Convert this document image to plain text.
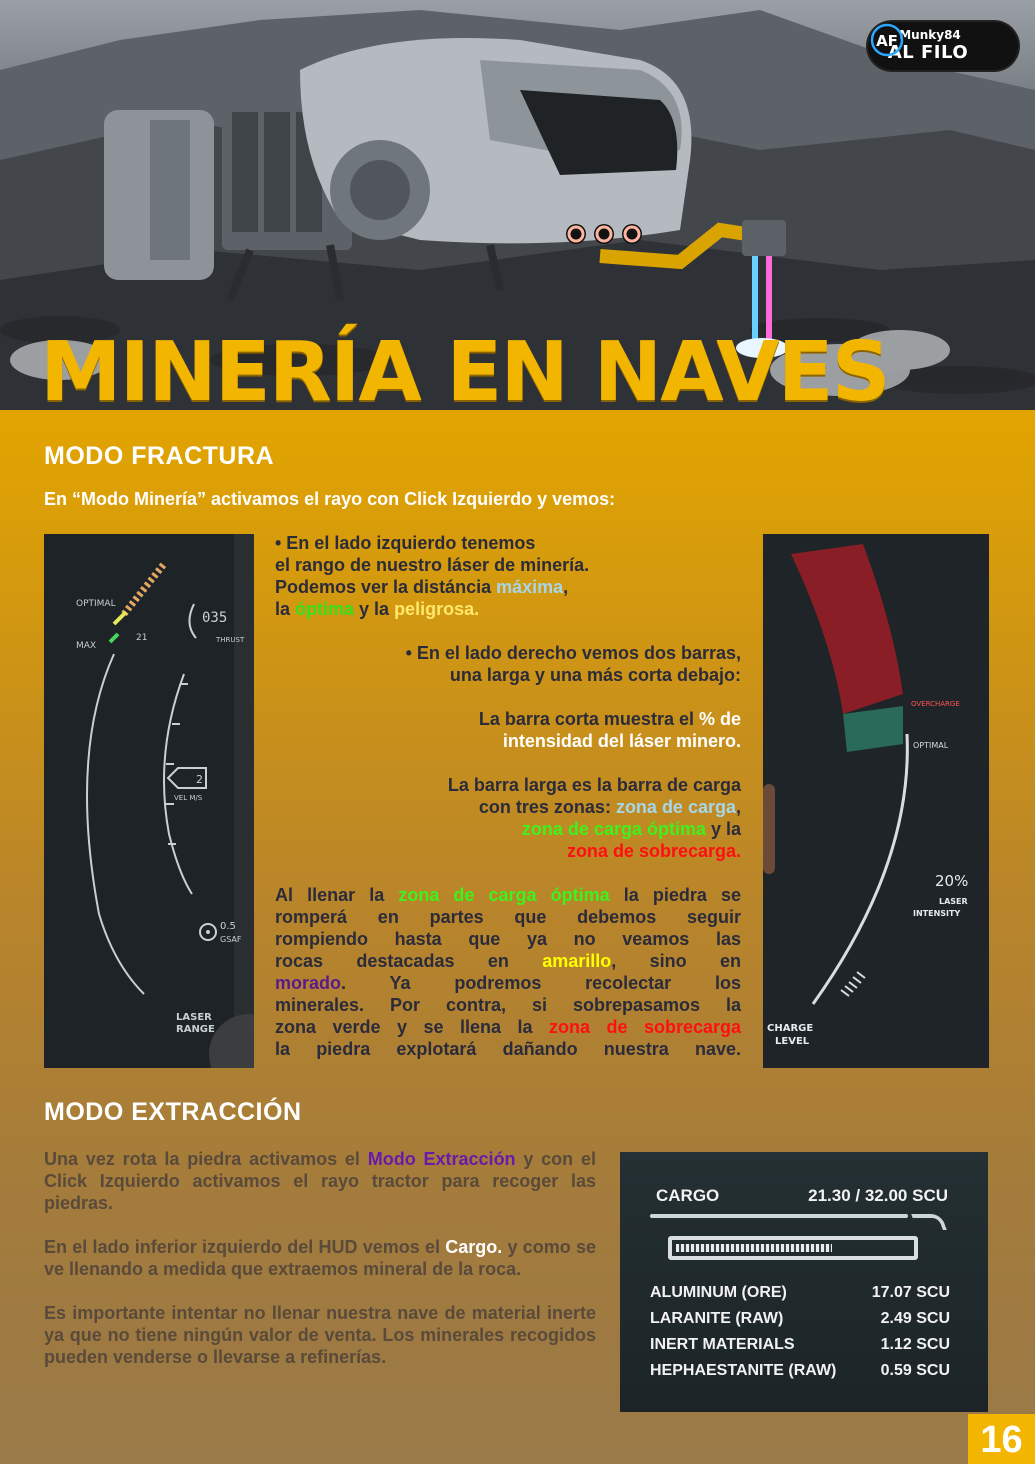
MINERÍA EN NAVES
Munky84
AL FILO
AF
MODO FRACTURA

En “Modo Minería” activamos el rayo con Click Izquierdo y vemos:

OPTIMAL
MAX
21
035
THRUST
2
VEL M/S
0.5
GSAF
LASER
RANGE

• En el lado izquierdo tenemos

el rango de nuestro láser de minería.

Podemos ver la distáncia máxima,

la óptima y la peligrosa.

• En el lado derecho vemos dos barras,

una larga y una más corta debajo:

La barra corta muestra el % de

intensidad del láser minero.

La barra larga es la barra de carga

con tres zonas: zona de carga,

zona de carga óptima y la

zona de sobrecarga.

Al llenar la zona de carga óptima la piedra se

romperá en partes que debemos seguir

rompiendo hasta que ya no veamos las

rocas destacadas en amarillo, sino en

morado. Ya podremos recolectar los

minerales. Por contra, si sobrepasamos la

zona verde y se llena la zona de sobrecarga

la piedra explotará dañando nuestra nave.

OVERCHARGE
OPTIMAL
20%
LASER
INTENSITY
CHARGE
LEVEL
MODO EXTRACCIÓN

Una vez rota la piedra activamos el Modo Extracción y con el Click Izquierdo activamos el rayo tractor para recoger las piedras.

En el lado inferior izquierdo del HUD vemos el Cargo. y como se ve llenando a medida que extraemos mineral de la roca.

Es importante intentar no llenar nuestra nave de material inerte ya que no tiene ningún valor de venta. Los minerales recogidos pueden venderse o llevarse a refinerías.

CARGO	21.30 / 32.00 SCU
ALUMINUM (ORE)	17.07 SCU
LARANITE (RAW)	2.49 SCU
INERT MATERIALS	1.12 SCU
HEPHAESTANITE (RAW)	0.59 SCU
16
